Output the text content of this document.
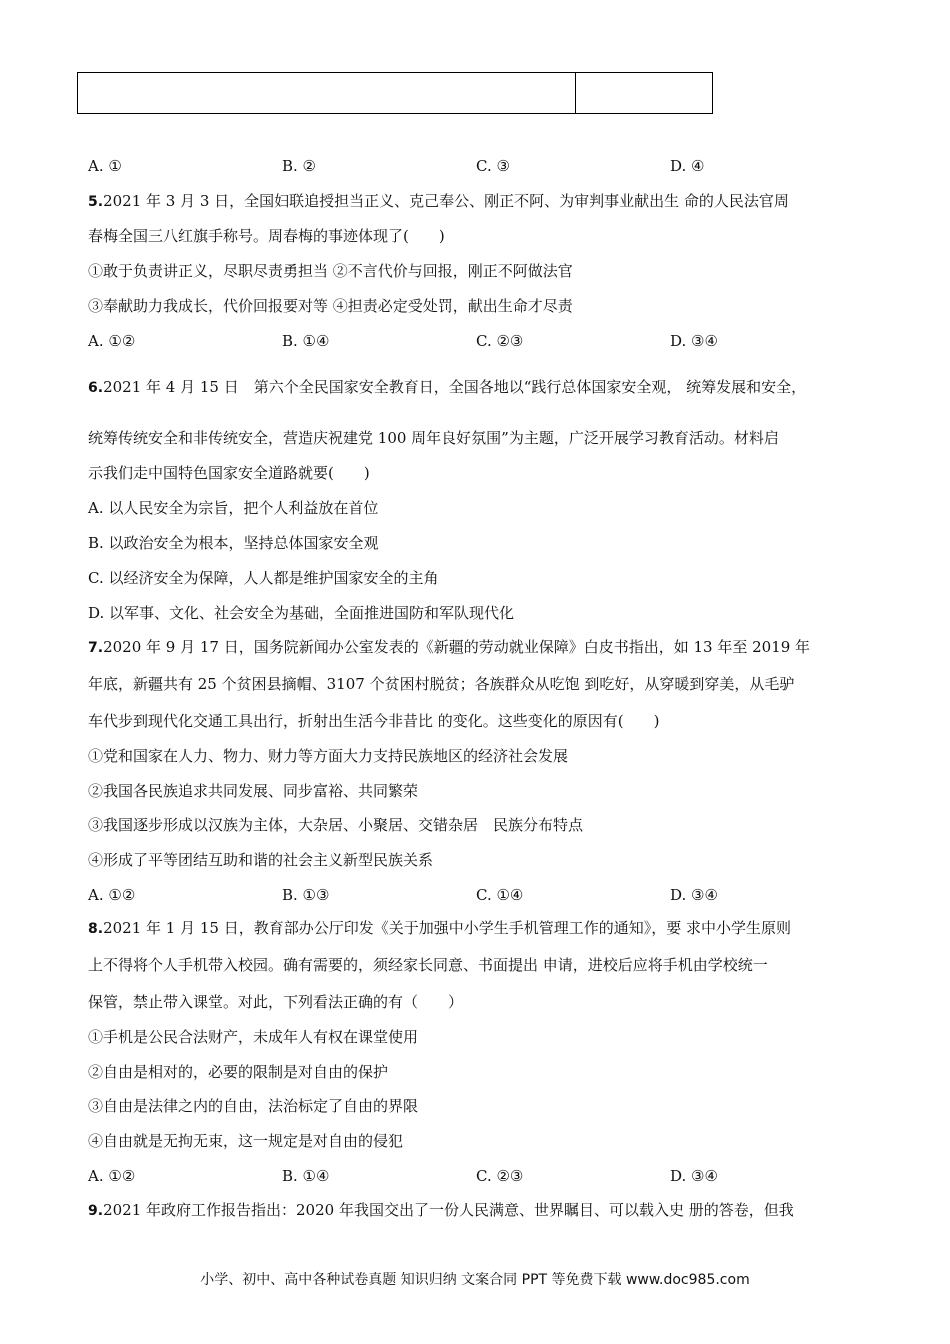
A. ①	B. ②	C. ③	D. ④
5.2021 年 3 月 3 日，全国妇联追授担当正义、克己奉公、刚正不阿、为审判事业献出生 命的人民法官周
春梅全国三八红旗手称号。周春梅的事迹体现了(　　)
①敢于负责讲正义，尽职尽责勇担当 ②不言代价与回报，刚正不阿做法官
③奉献助力我成长，代价回报要对等 ④担责必定受处罚，献出生命才尽责
A. ①②	B. ①④	C. ②③	D. ③④
6.2021 年 4 月 15 日　第六个全民国家安全教育日，全国各地以“践行总体国家安全观， 统筹发展和安全，
统筹传统安全和非传统安全，营造庆祝建党 100 周年良好氛围”为主题，广泛开展学习教育活动。材料启
示我们走中国特色国家安全道路就要(　　)
A. 以人民安全为宗旨，把个人利益放在首位
B. 以政治安全为根本，坚持总体国家安全观
C. 以经济安全为保障，人人都是维护国家安全的主角
D. 以军事、文化、社会安全为基础，全面推进国防和军队现代化
7.2020 年 9 月 17 日，国务院新闻办公室发表的《新疆的劳动就业保障》白皮书指出，如 13 年至 2019 年
年底，新疆共有 25 个贫困县摘帽、3107 个贫困村脱贫；各族群众从吃饱 到吃好，从穿暖到穿美，从毛驴
车代步到现代化交通工具出行，折射出生活今非昔比 的变化。这些变化的原因有(　　)
①党和国家在人力、物力、财力等方面大力支持民族地区的经济社会发展
②我国各民族追求共同发展、同步富裕、共同繁荣
③我国逐步形成以汉族为主体，大杂居、小聚居、交错杂居　民族分布特点
④形成了平等团结互助和谐的社会主义新型民族关系
A. ①②	B. ①③	C. ①④	D. ③④
8.2021 年 1 月 15 日，教育部办公厅印发《关于加强中小学生手机管理工作的通知》，要 求中小学生原则
上不得将个人手机带入校园。确有需要的，须经家长同意、书面提出 申请，进校后应将手机由学校统一
保管，禁止带入课堂。对此，下列看法正确的有（　　）
①手机是公民合法财产，未成年人有权在课堂使用
②自由是相对的，必要的限制是对自由的保护
③自由是法律之内的自由，法治标定了自由的界限
④自由就是无拘无束，这一规定是对自由的侵犯
A. ①②	B. ①④	C. ②③	D. ③④
9.2021 年政府工作报告指出：2020 年我国交出了一份人民满意、世界瞩目、可以载入史 册的答卷，但我
小学、初中、高中各种试卷真题 知识归纳 文案合同 PPT 等免费下载 www.doc985.com
